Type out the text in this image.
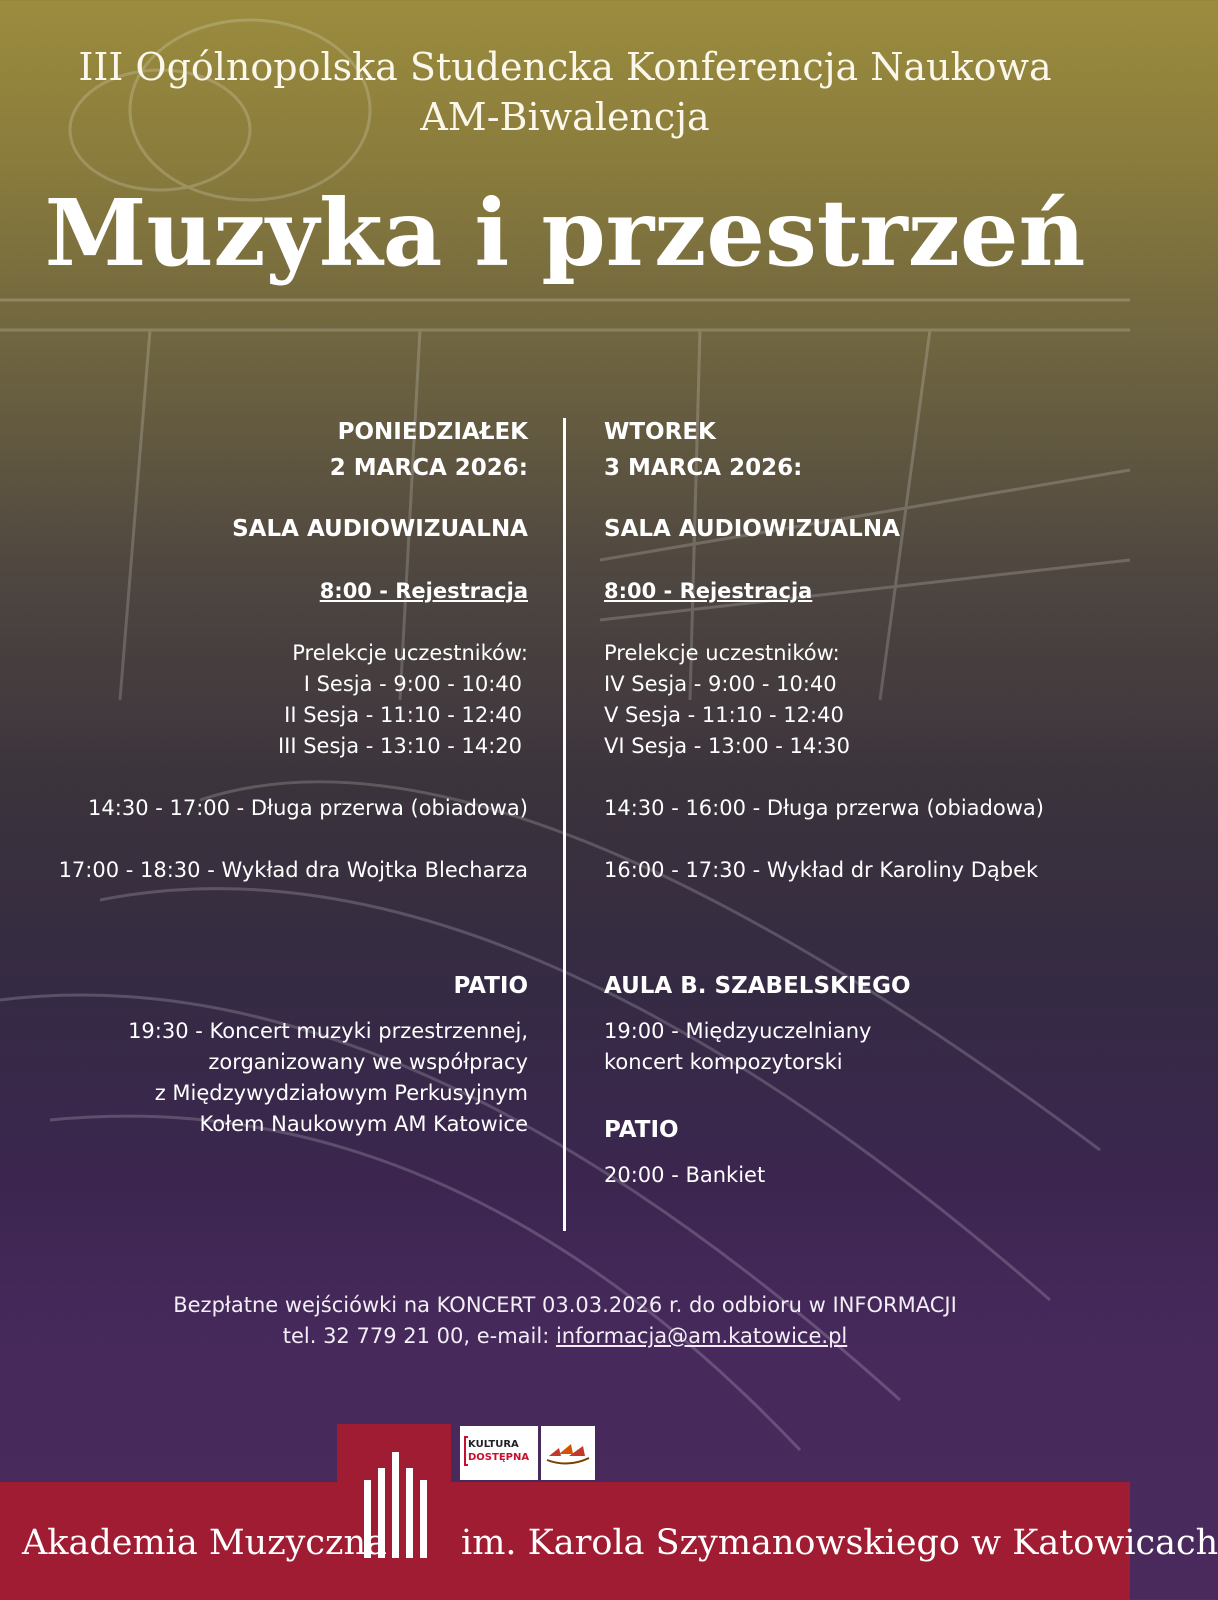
III Ogólnopolska Studencka Konferencja Naukowa
AM-Biwalencja
Muzyka i przestrzeń
PONIEDZIAŁEK
2 MARCA 2026:
SALA AUDIOWIZUALNA
8:00 - Rejestracja
Prelekcje uczestników:
I Sesja - 9:00 - 10:40
II Sesja - 11:10 - 12:40
III Sesja - 13:10 - 14:20
14:30 - 17:00 - Długa przerwa (obiadowa)
17:00 - 18:30 - Wykład dra Wojtka Blecharza
PATIO
19:30 - Koncert muzyki przestrzennej,
zorganizowany we współpracy
z Międzywydziałowym Perkusyjnym
Kołem Naukowym AM Katowice
WTOREK
3 MARCA 2026:
SALA AUDIOWIZUALNA
8:00 - Rejestracja
Prelekcje uczestników:
IV Sesja - 9:00 - 10:40
V Sesja - 11:10 - 12:40
VI Sesja - 13:00 - 14:30
14:30 - 16:00 - Długa przerwa (obiadowa)
16:00 - 17:30 - Wykład dr Karoliny Dąbek
AULA B. SZABELSKIEGO
19:00 - Międzyuczelniany
koncert kompozytorski
PATIO
20:00 - Bankiet
Bezpłatne wejściówki na KONCERT 03.03.2026 r. do odbioru w INFORMACJI
tel. 32 779 21 00, e-mail: informacja@am.katowice.pl
KULTURA
DOSTĘPNA
Akademia Muzyczna im. Karola Szymanowskiego w Katowicach
